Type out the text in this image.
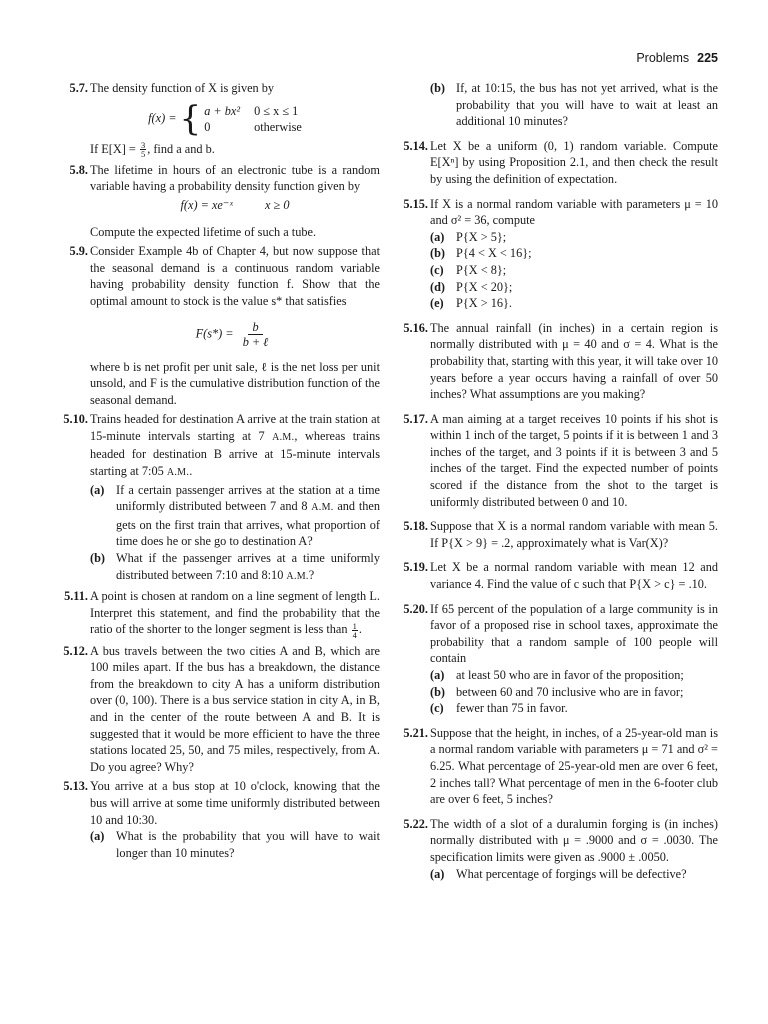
Problems 225
5.7. The density function of X is given by
f(x) = { a + bx² 0 ≤ x ≤ 1
0	otherwise
If $E[X] = \frac{3}{5}$ , find a and b.
5.8. The lifetime in hours of an electronic tube is a random variable having a probability density function given by
f(x) = xe⁻ˣ	x ≥ 0
Compute the expected lifetime of such a tube.
5.9. Consider Example 4b of Chapter 4, but now suppose that the seasonal demand is a continuous random variable having probability density function f. Show that the optimal amount to stock is the value s* that satisfies
$F(s*) = \frac{b}{\text{b + ℓ}}$
where b is net profit per unit sale, ℓ is the net loss per unit unsold, and F is the cumulative distribution function of the seasonal demand.
5.10. Trains headed for destination A arrive at the train station at 15-minute intervals starting at 7 A.M., whereas trains headed for destination B arrive at 15-minute intervals starting at 7:05 A.M..
(a) If a certain passenger arrives at the station at a time uniformly distributed between 7 and 8 A.M. and then gets on the first train that arrives, what proportion of time does he or she go to destination A?
(b) What if the passenger arrives at a time uniformly distributed between 7:10 and 8:10 A.M.?
5.11. A point is chosen at random on a line segment of length L. Interpret this statement, and find the probability that the ratio of the shorter to the longer segment is less than $\frac{1}{4}$ .
5.12. A bus travels between the two cities A and B, which are 100 miles apart. If the bus has a breakdown, the distance from the breakdown to city A has a uniform distribution over (0, 100). There is a bus service station in city A, in B, and in the center of the route between A and B. It is suggested that it would be more efficient to have the three stations located 25, 50, and 75 miles, respectively, from A. Do you agree? Why?
5.13. You arrive at a bus stop at 10 o'clock, knowing that the bus will arrive at some time uniformly distributed between 10 and 10:30.
(a) What is the probability that you will have to wait longer than 10 minutes?
(b) If, at 10:15, the bus has not yet arrived, what is the probability that you will have to wait at least an additional 10 minutes?
5.14. Let X be a uniform (0, 1) random variable. Compute E[Xⁿ] by using Proposition 2.1, and then check the result by using the definition of expectation.
5.15. If X is a normal random variable with parameters μ = 10 and σ² = 36, compute
(a) P{X > 5};
(b) P{4 < X < 16};
(c) P{X < 8};
(d) P{X < 20};
(e) P{X > 16}.
5.16. The annual rainfall (in inches) in a certain region is normally distributed with μ = 40 and σ = 4. What is the probability that, starting with this year, it will take over 10 years before a year occurs having a rainfall of over 50 inches? What assumptions are you making?
5.17. A man aiming at a target receives 10 points if his shot is within 1 inch of the target, 5 points if it is between 1 and 3 inches of the target, and 3 points if it is between 3 and 5 inches of the target. Find the expected number of points scored if the distance from the shot to the target is uniformly distributed between 0 and 10.
5.18. Suppose that X is a normal random variable with mean 5. If P{X > 9} = .2, approximately what is Var(X)?
5.19. Let X be a normal random variable with mean 12 and variance 4. Find the value of c such that P{X > c} = .10.
5.20. If 65 percent of the population of a large community is in favor of a proposed rise in school taxes, approximate the probability that a random sample of 100 people will contain
(a) at least 50 who are in favor of the proposition;
(b) between 60 and 70 inclusive who are in favor;
(c) fewer than 75 in favor.
5.21. Suppose that the height, in inches, of a 25-year-old man is a normal random variable with parameters μ = 71 and σ² = 6.25. What percentage of 25-year-old men are over 6 feet, 2 inches tall? What percentage of men in the 6-footer club are over 6 feet, 5 inches?
5.22. The width of a slot of a duralumin forging is (in inches) normally distributed with μ = .9000 and σ = .0030. The specification limits were given as .9000 ± .0050.
(a) What percentage of forgings will be defective?
